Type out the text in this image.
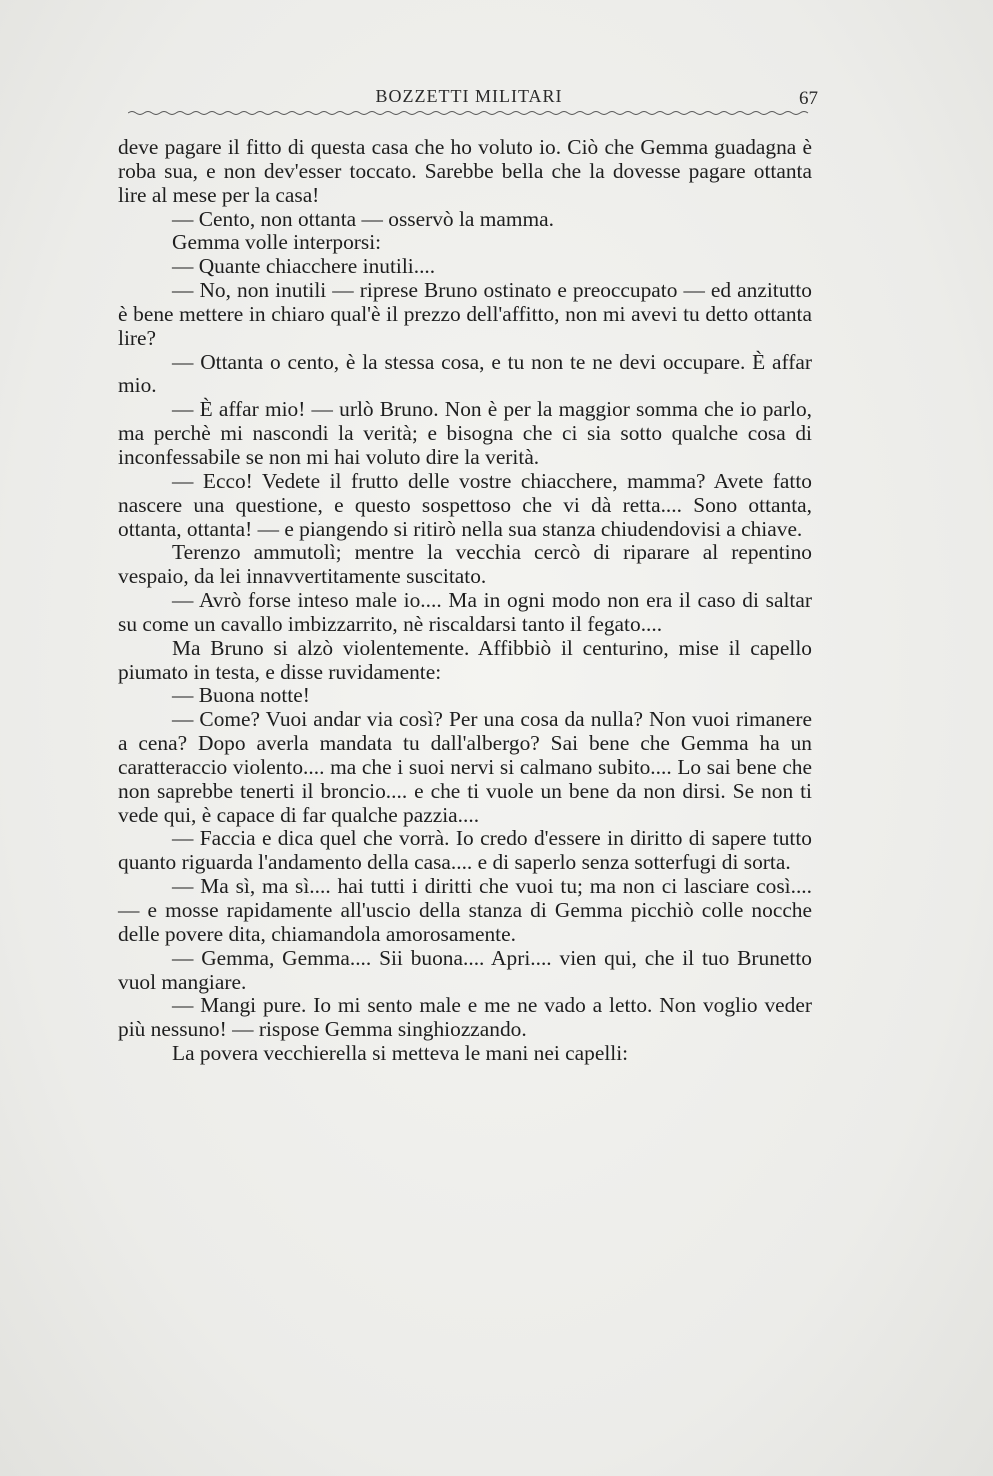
BOZZETTI MILITARI	67

deve pagare il fitto di questa casa che ho voluto io. Ciò che Gemma guadagna è roba sua, e non dev'esser toccato. Sarebbe bella che la dovesse pagare ottanta lire al mese per la casa!

— Cento, non ottanta — osservò la mamma.

Gemma volle interporsi:

— Quante chiacchere inutili....

— No, non inutili — riprese Bruno ostinato e preoccupato — ed anzitutto è bene mettere in chiaro qual'è il prezzo dell'affitto, non mi avevi tu detto ottanta lire?

— Ottanta o cento, è la stessa cosa, e tu non te ne devi occupare. È affar mio.

— È affar mio! — urlò Bruno. Non è per la maggior somma che io parlo, ma perchè mi nascondi la verità; e bisogna che ci sia sotto qualche cosa di inconfessabile se non mi hai voluto dire la verità.

— Ecco! Vedete il frutto delle vostre chiacchere, mamma? Avete fatto nascere una questione, e questo sospettoso che vi dà retta.... Sono ottanta, ottanta, ottanta! — e piangendo si ritirò nella sua stanza chiudendovisi a chiave.

Terenzo ammutolì; mentre la vecchia cercò di riparare al repentino vespaio, da lei innavvertitamente suscitato.

— Avrò forse inteso male io.... Ma in ogni modo non era il caso di saltar su come un cavallo imbizzarrito, nè riscaldarsi tanto il fegato....

Ma Bruno si alzò violentemente. Affibbiò il centurino, mise il capello piumato in testa, e disse ruvidamente:

— Buona notte!

— Come? Vuoi andar via così? Per una cosa da nulla? Non vuoi rimanere a cena? Dopo averla mandata tu dall'albergo? Sai bene che Gemma ha un caratteraccio violento.... ma che i suoi nervi si calmano subito.... Lo sai bene che non saprebbe tenerti il broncio.... e che ti vuole un bene da non dirsi. Se non ti vede qui, è capace di far qualche pazzia....

— Faccia e dica quel che vorrà. Io credo d'essere in diritto di sapere tutto quanto riguarda l'andamento della casa.... e di saperlo senza sotterfugi di sorta.

— Ma sì, ma sì.... hai tutti i diritti che vuoi tu; ma non ci lasciare così.... — e mosse rapidamente all'uscio della stanza di Gemma picchiò colle nocche delle povere dita, chiamandola amorosamente.

— Gemma, Gemma.... Sii buona.... Apri.... vien qui, che il tuo Brunetto vuol mangiare.

— Mangi pure. Io mi sento male e me ne vado a letto. Non voglio veder più nessuno! — rispose Gemma singhiozzando.

La povera vecchierella si metteva le mani nei capelli:
